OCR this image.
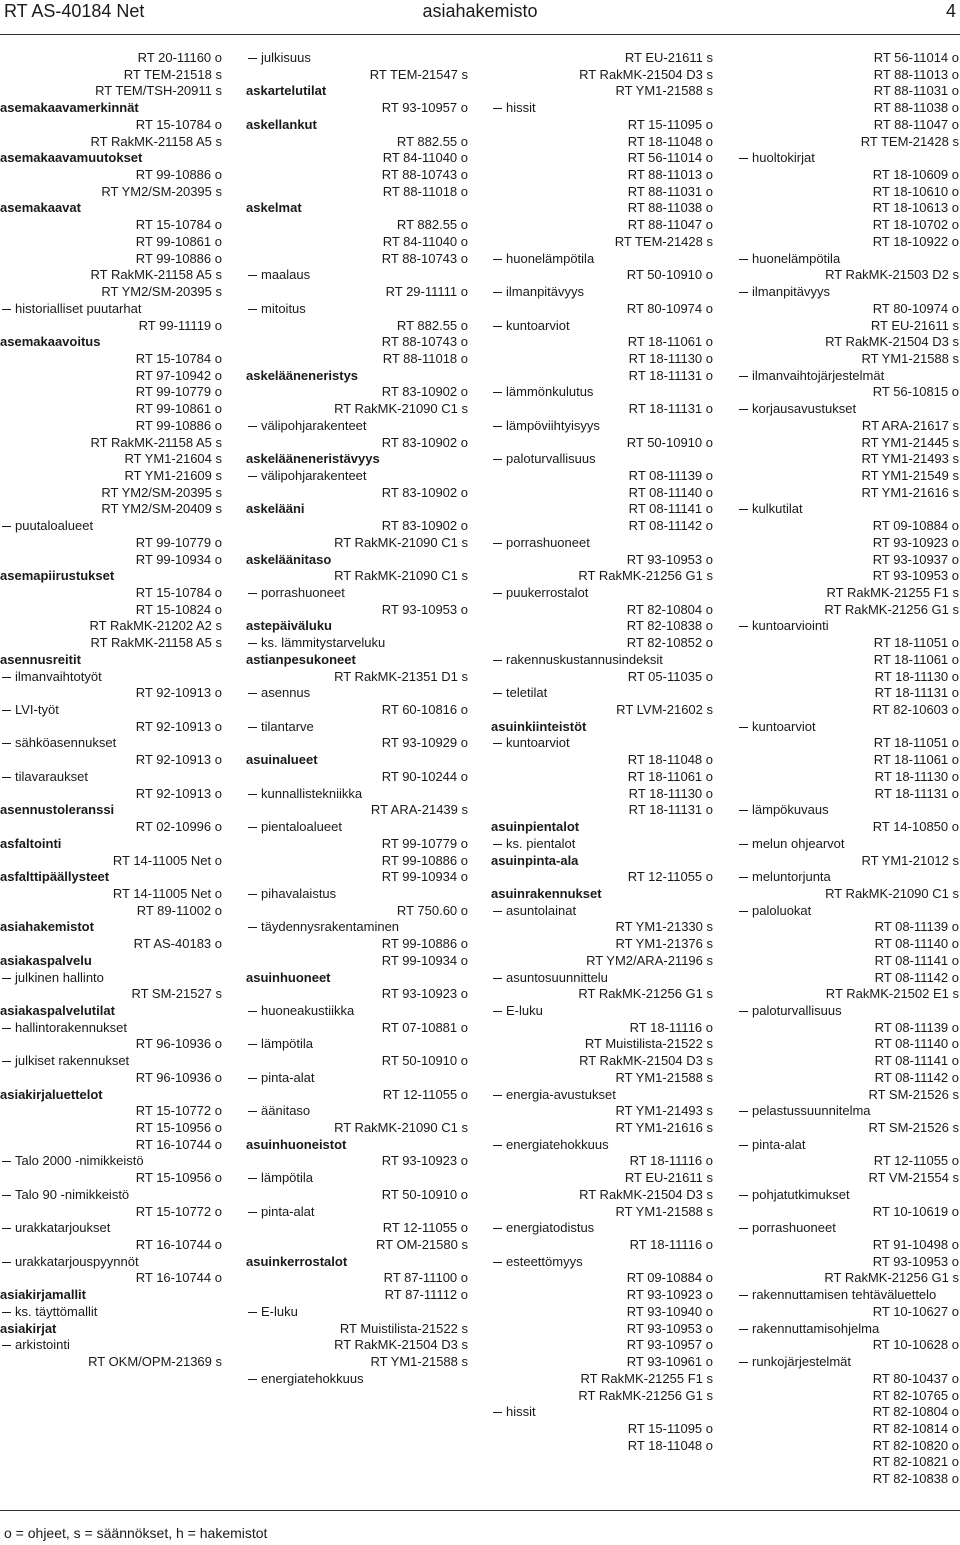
RT AS-40184 Net	asiahakemisto	4
RT 20-11160 o
RT TEM-21518 s
RT TEM/TSH-20911 s
asemakaavamerkinnät
RT 15-10784 o
RT RakMK-21158 A5 s
asemakaavamuutokset
RT 99-10886 o
RT YM2/SM-20395 s
asemakaavat
RT 15-10784 o
RT 99-10861 o
RT 99-10886 o
RT RakMK-21158 A5 s
RT YM2/SM-20395 s
historialliset puutarhat
RT 99-11119 o
asemakaavoitus
RT 15-10784 o
RT 97-10942 o
RT 99-10779 o
RT 99-10861 o
RT 99-10886 o
RT RakMK-21158 A5 s
RT YM1-21604 s
RT YM1-21609 s
RT YM2/SM-20395 s
RT YM2/SM-20409 s
puutaloalueet
RT 99-10779 o
RT 99-10934 o
asemapiirustukset
RT 15-10784 o
RT 15-10824 o
RT RakMK-21202 A2 s
RT RakMK-21158 A5 s
asennusreitit
ilmanvaihtotyöt
RT 92-10913 o
LVI-työt
RT 92-10913 o
sähköasennukset
RT 92-10913 o
tilavaraukset
RT 92-10913 o
asennustoleranssi
RT 02-10996 o
asfaltointi
RT 14-11005 Net o
asfalttipäällysteet
RT 14-11005 Net o
RT 89-11002 o
asiahakemistot
RT AS-40183 o
asiakaspalvelu
julkinen hallinto
RT SM-21527 s
asiakaspalvelutilat
hallintorakennukset
RT 96-10936 o
julkiset rakennukset
RT 96-10936 o
asiakirjaluettelot
RT 15-10772 o
RT 15-10956 o
RT 16-10744 o
Talo 2000 -nimikkeistö
RT 15-10956 o
Talo 90 -nimikkeistö
RT 15-10772 o
urakkatarjoukset
RT 16-10744 o
urakkatarjouspyynnöt
RT 16-10744 o
asiakirjamallit
ks. täyttömallit
asiakirjat
arkistointi
RT OKM/OPM-21369 s
julkisuus
RT TEM-21547 s
askartelutilat
RT 93-10957 o
askellankut
RT 882.55 o
RT 84-11040 o
RT 88-10743 o
RT 88-11018 o
askelmat
RT 882.55 o
RT 84-11040 o
RT 88-10743 o
maalaus
RT 29-11111 o
mitoitus
RT 882.55 o
RT 88-10743 o
RT 88-11018 o
askeläänenеristys
RT 83-10902 o
RT RakMK-21090 C1 s
välipohjarakenteet
RT 83-10902 o
askeläänenеristävyys
välipohjarakenteet
RT 83-10902 o
askelääni
RT 83-10902 o
RT RakMK-21090 C1 s
askeläänitaso
RT RakMK-21090 C1 s
porrashuoneet
RT 93-10953 o
astepäiväluku
ks. lämmitystarveluku
astianpesukoneet
RT RakMK-21351 D1 s
asennus
RT 60-10816 o
tilantarve
RT 93-10929 o
asuinalueet
RT 90-10244 o
kunnallistekniikka
RT ARA-21439 s
pientaloalueet
RT 99-10779 o
RT 99-10886 o
RT 99-10934 o
pihavalaistus
RT 750.60 o
täydennysrakentaminen
RT 99-10886 o
RT 99-10934 o
asuinhuoneet
RT 93-10923 o
huoneakustiikka
RT 07-10881 o
lämpötila
RT 50-10910 o
pinta-alat
RT 12-11055 o
äänitaso
RT RakMK-21090 C1 s
asuinhuoneistot
RT 93-10923 o
lämpötila
RT 50-10910 o
pinta-alat
RT 12-11055 o
RT OM-21580 s
asuinkerrostalot
RT 87-11100 o
RT 87-11112 o
E-luku
RT Muistilista-21522 s
RT RakMK-21504 D3 s
RT YM1-21588 s
energiatehokkuus
RT EU-21611 s
RT RakMK-21504 D3 s
RT YM1-21588 s
hissit
RT 15-11095 o
RT 18-11048 o
RT 56-11014 o
RT 88-11013 o
RT 88-11031 o
RT 88-11038 o
RT 88-11047 o
RT TEM-21428 s
huonelämpötila
RT 50-10910 o
ilmanpitävyys
RT 80-10974 o
kuntoarviot
RT 18-11061 o
RT 18-11130 o
RT 18-11131 o
lämmönkulutus
RT 18-11131 o
lämpöviihtyisyys
RT 50-10910 o
paloturvallisuus
RT 08-11139 o
RT 08-11140 o
RT 08-11141 o
RT 08-11142 o
porrashuoneet
RT 93-10953 o
RT RakMK-21256 G1 s
puukerrostalot
RT 82-10804 o
RT 82-10838 o
RT 82-10852 o
rakennuskustannusindeksit
RT 05-11035 o
teletilat
RT LVM-21602 s
asuinkiinteistöt
kuntoarviot
RT 18-11048 o
RT 18-11061 o
RT 18-11130 o
RT 18-11131 o
asuinpientalot
ks. pientalot
asuinpinta-ala
RT 12-11055 o
asuinrakennukset
asuntolainat
RT YM1-21330 s
RT YM1-21376 s
RT YM2/ARA-21196 s
asuntosuunnittelu
RT RakMK-21256 G1 s
E-luku
RT 18-11116 o
RT Muistilista-21522 s
RT RakMK-21504 D3 s
RT YM1-21588 s
energia-avustukset
RT YM1-21493 s
RT YM1-21616 s
energiatehokkuus
RT 18-11116 o
RT EU-21611 s
RT RakMK-21504 D3 s
RT YM1-21588 s
energiatodistus
RT 18-11116 o
esteettömyys
RT 09-10884 o
RT 93-10923 o
RT 93-10940 o
RT 93-10953 o
RT 93-10957 o
RT 93-10961 o
RT RakMK-21255 F1 s
RT RakMK-21256 G1 s
hissit
RT 15-11095 o
RT 18-11048 o
RT 56-11014 o
RT 88-11013 o
RT 88-11031 o
RT 88-11038 o
RT 88-11047 o
RT TEM-21428 s
huoltokirjat
RT 18-10609 o
RT 18-10610 o
RT 18-10613 o
RT 18-10702 o
RT 18-10922 o
huonelämpötila
RT RakMK-21503 D2 s
ilmanpitävyys
RT 80-10974 o
RT EU-21611 s
RT RakMK-21504 D3 s
RT YM1-21588 s
ilmanvaihtojärjestelmät
RT 56-10815 o
korjausavustukset
RT ARA-21617 s
RT YM1-21445 s
RT YM1-21493 s
RT YM1-21549 s
RT YM1-21616 s
kulkutilat
RT 09-10884 o
RT 93-10923 o
RT 93-10937 o
RT 93-10953 o
RT RakMK-21255 F1 s
RT RakMK-21256 G1 s
kuntoarviointi
RT 18-11051 o
RT 18-11061 o
RT 18-11130 o
RT 18-11131 o
RT 82-10603 o
kuntoarviot
RT 18-11051 o
RT 18-11061 o
RT 18-11130 o
RT 18-11131 o
lämpökuvaus
RT 14-10850 o
melun ohjearvot
RT YM1-21012 s
meluntorjunta
RT RakMK-21090 C1 s
paloluokat
RT 08-11139 o
RT 08-11140 o
RT 08-11141 o
RT 08-11142 o
RT RakMK-21502 E1 s
paloturvallisuus
RT 08-11139 o
RT 08-11140 o
RT 08-11141 o
RT 08-11142 o
RT SM-21526 s
pelastussuunnitelma
RT SM-21526 s
pinta-alat
RT 12-11055 o
RT VM-21554 s
pohjatutkimukset
RT 10-10619 o
porrashuoneet
RT 91-10498 o
RT 93-10953 o
RT RakMK-21256 G1 s
rakennuttamisen tehtäväluettelo
RT 10-10627 o
rakennuttamisohjelma
RT 10-10628 o
runkojärjestelmät
RT 80-10437 o
RT 82-10765 o
RT 82-10804 o
RT 82-10814 o
RT 82-10820 o
RT 82-10821 o
RT 82-10838 o
o = ohjeet, s = säännökset, h = hakemistot
